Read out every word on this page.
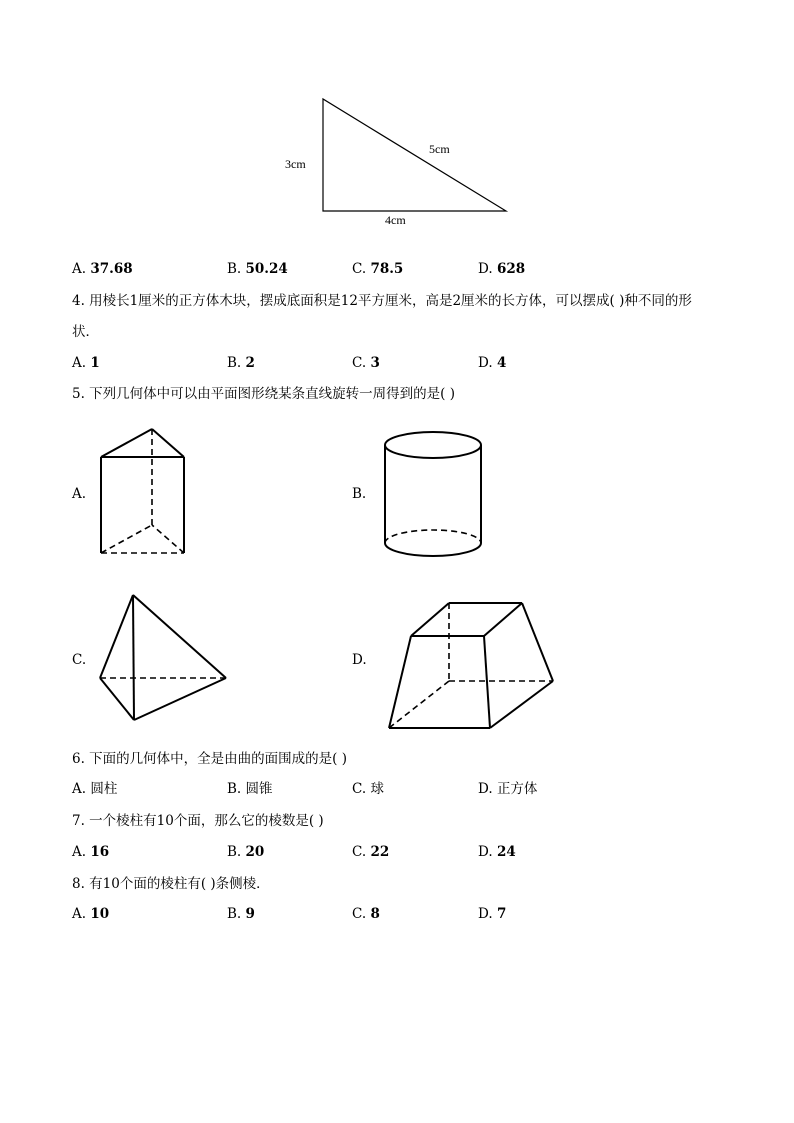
3cm
5cm
4cm
A. 37.68	B. 50.24	C. 78.5	D. 628
4. 用棱长1厘米的正方体木块，摆成底面积是12平方厘米，高是2厘米的长方体，可以摆成( )种不同的形
状．
A. 1	B. 2	C. 3	D. 4
5. 下列几何体中可以由平面图形绕某条直线旋转一周得到的是( )
A.	B.
C.	D.
6. 下面的几何体中，全是由曲的面围成的是( )
A. 圆柱	B. 圆锥	C. 球	D. 正方体
7. 一个棱柱有10个面，那么它的棱数是( )
A. 16	B. 20	C. 22	D. 24
8. 有10个面的棱柱有( )条侧棱．
A. 10	B. 9	C. 8	D. 7
